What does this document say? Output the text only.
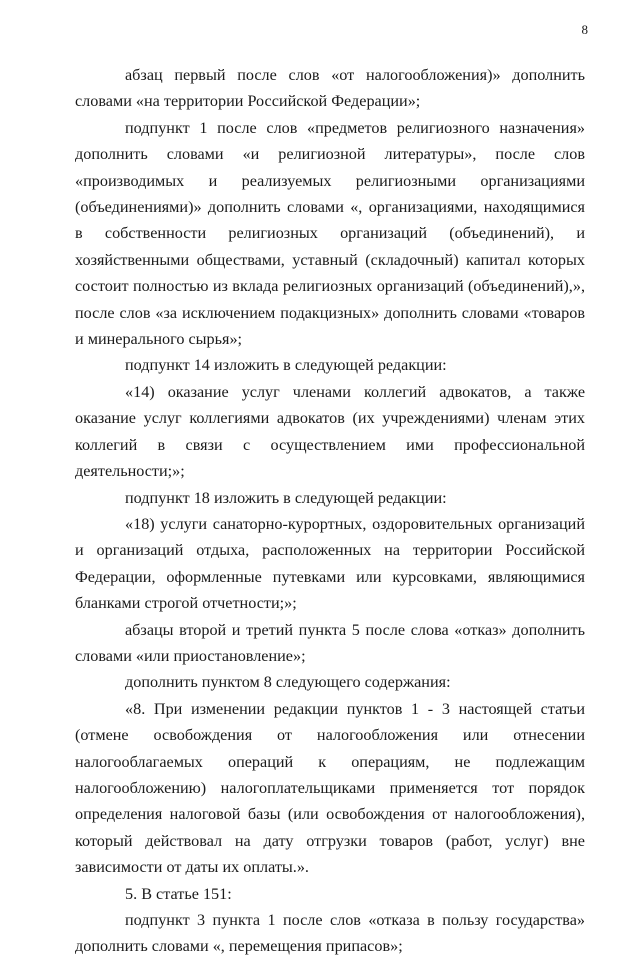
8

абзац первый после слов «от налогообложения)» дополнить словами «на территории Российской Федерации»;

подпункт 1 после слов «предметов религиозного назначения» дополнить словами «и религиозной литературы», после слов «производимых и реализуемых религиозными организациями (объединениями)» дополнить словами «, организациями, находящимися в собственности религиозных организаций (объединений), и хозяйственными обществами, уставный (складочный) капитал которых состоит полностью из вклада религиозных организаций (объединений),», после слов «за исключением подакцизных» дополнить словами «товаров и минерального сырья»;

подпункт 14 изложить в следующей редакции:

«14) оказание услуг членами коллегий адвокатов, а также оказание услуг коллегиями адвокатов (их учреждениями) членам этих коллегий в связи с осуществлением ими профессиональной деятельности;»;

подпункт 18 изложить в следующей редакции:

«18) услуги санаторно-курортных, оздоровительных организаций и организаций отдыха, расположенных на территории Российской Федерации, оформленные путевками или курсовками, являющимися бланками строгой отчетности;»;

абзацы второй и третий пункта 5 после слова «отказ» дополнить словами «или приостановление»;

дополнить пунктом 8 следующего содержания:

«8. При изменении редакции пунктов 1 - 3 настоящей статьи (отмене освобождения от налогообложения или отнесении налогооблагаемых операций к операциям, не подлежащим налогообложению) налогоплательщиками применяется тот порядок определения налоговой базы (или освобождения от налогообложения), который действовал на дату отгрузки товаров (работ, услуг) вне зависимости от даты их оплаты.».

5. В статье 151:

подпункт 3 пункта 1 после слов «отказа в пользу государства» дополнить словами «, перемещения припасов»;
